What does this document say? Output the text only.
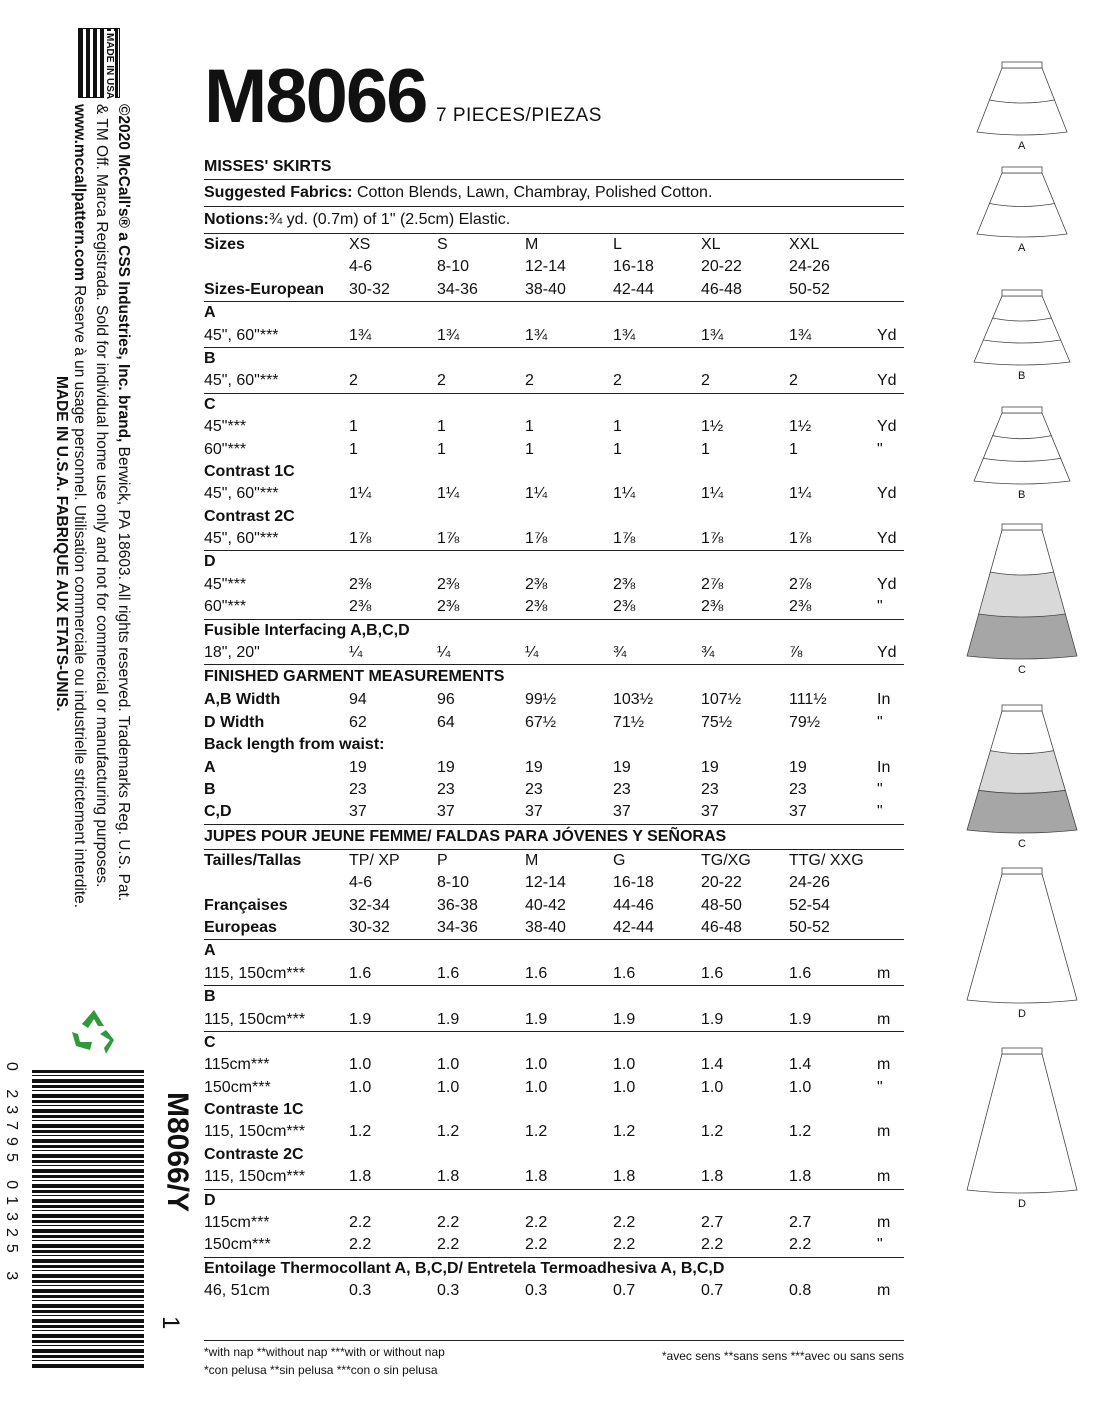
MADE IN USA
©2020 McCall's® a CSS Industries, Inc. brand, Berwick, PA 18603. All rights reserved. Trademarks Reg. U.S. Pat.
& TM Off. Marca Registrada. Sold for individual home use only and not for commercial or manufacturing purposes.
www.mccallpattern.com Reserve à un usage personnel. Utilisation commerciale ou industrielle strictement interdite.
MADE IN U.S.A. FABRIQUE AUX ETATS-UNIS.
0 23795 01325 3	M8066/Y
1
M8066 7 PIECES/PIEZAS
MISSES' SKIRTS
Suggested Fabrics: Cotton Blends, Lawn, Chambray, Polished Cotton.
Notions:¾ yd. (0.7m) of 1" (2.5cm) Elastic.
Sizes	XS	S	M	L	XL	XXL
4-6	8-10	12-14	16-18	20-22	24-26
Sizes-European	30-32	34-36	38-40	42-44	46-48	50-52
A
45", 60"***	1¾	1¾	1¾	1¾	1¾	1¾	Yd
B
45", 60"***	2	2	2	2	2	2	Yd
C
45"***	1	1	1	1	1½	1½	Yd
60"***	1	1	1	1	1	1	"
Contrast 1C
45", 60"***	1¼	1¼	1¼	1¼	1¼	1¼	Yd
Contrast 2C
45", 60"***	1⅞	1⅞	1⅞	1⅞	1⅞	1⅞	Yd
D
45"***	2⅜	2⅜	2⅜	2⅜	2⅞	2⅞	Yd
60"***	2⅜	2⅜	2⅜	2⅜	2⅜	2⅜	"
Fusible Interfacing A,B,C,D
18", 20"	¼	¼	¼	¾	¾	⅞	Yd
FINISHED GARMENT MEASUREMENTS
A,B Width	94	96	99½	103½	107½	111½	In
D Width	62	64	67½	71½	75½	79½	"
Back length from waist:
A	19	19	19	19	19	19	In
B	23	23	23	23	23	23	"
C,D	37	37	37	37	37	37	"
JUPES POUR JEUNE FEMME/ FALDAS PARA JÓVENES Y SEÑORAS
Tailles/Tallas	TP/ XP	P	M	G	TG/XG	TTG/ XXG
4-6	8-10	12-14	16-18	20-22	24-26
Françaises	32-34	36-38	40-42	44-46	48-50	52-54
Europeas	30-32	34-36	38-40	42-44	46-48	50-52
A
115, 150cm***	1.6	1.6	1.6	1.6	1.6	1.6	m
B
115, 150cm***	1.9	1.9	1.9	1.9	1.9	1.9	m
C
115cm***	1.0	1.0	1.0	1.0	1.4	1.4	m
150cm***	1.0	1.0	1.0	1.0	1.0	1.0	"
Contraste 1C
115, 150cm***	1.2	1.2	1.2	1.2	1.2	1.2	m
Contraste 2C
115, 150cm***	1.8	1.8	1.8	1.8	1.8	1.8	m
D
115cm***	2.2	2.2	2.2	2.2	2.7	2.7	m
150cm***	2.2	2.2	2.2	2.2	2.2	2.2	"
Entoilage Thermocollant A, B,C,D/ Entretela Termoadhesiva A, B,C,D
46, 51cm	0.3	0.3	0.3	0.7	0.7	0.8	m
*with nap **without nap ***with or without nap
*con pelusa **sin pelusa ***con o sin pelusa
*avec sens **sans sens ***avec ou sans sens
A
A
B
B
C
C
D
D
